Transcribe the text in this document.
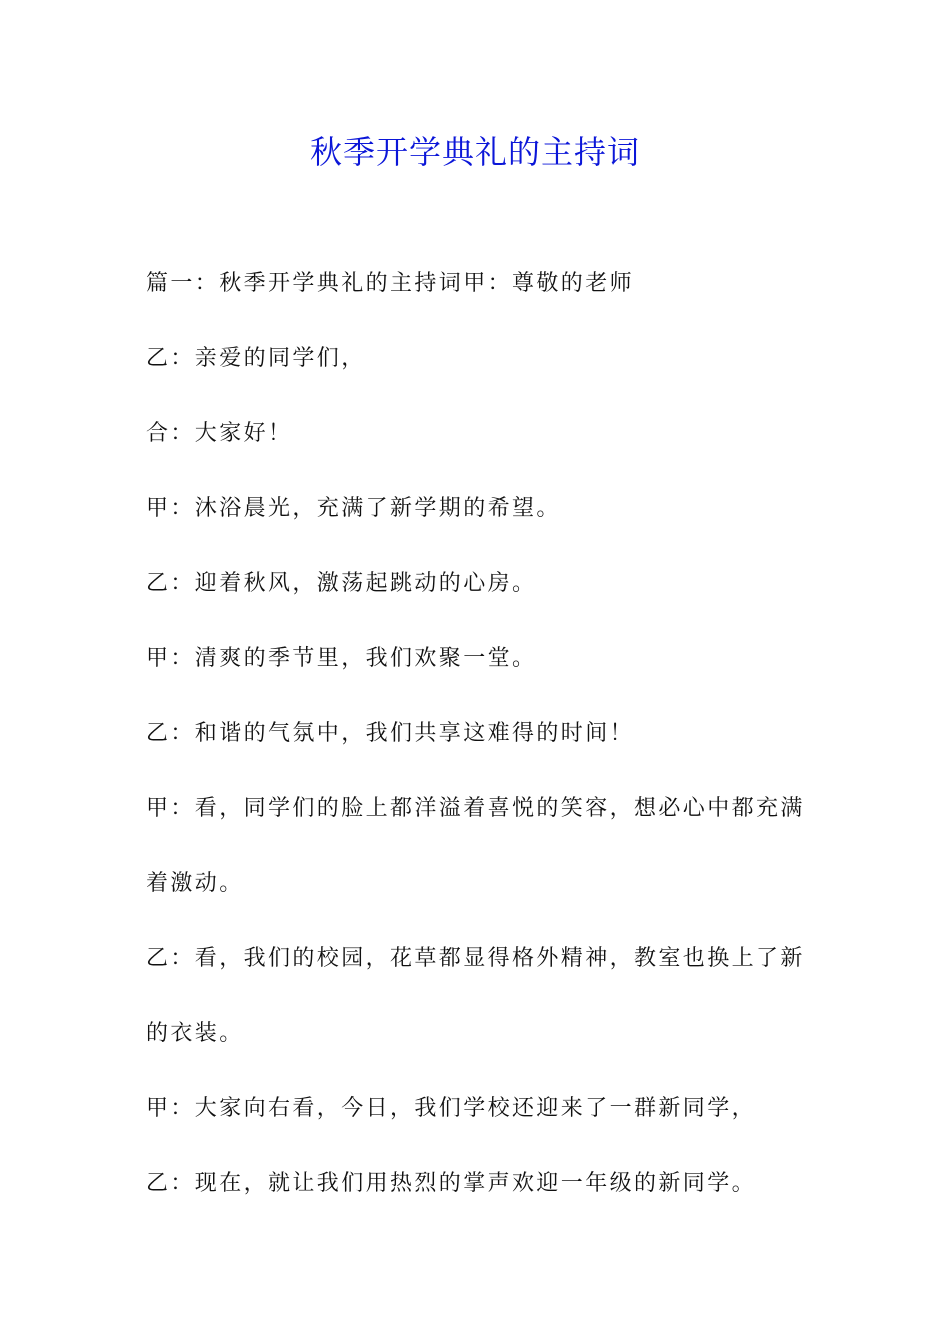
秋季开学典礼的主持词
篇一：秋季开学典礼的主持词甲：尊敬的老师
乙：亲爱的同学们，
合：大家好！
甲：沐浴晨光，充满了新学期的希望。
乙：迎着秋风，激荡起跳动的心房。
甲：清爽的季节里，我们欢聚一堂。
乙：和谐的气氛中，我们共享这难得的时间！
甲：看，同学们的脸上都洋溢着喜悦的笑容，想必心中都充满
着激动。
乙：看，我们的校园，花草都显得格外精神，教室也换上了新
的衣装。
甲：大家向右看，今日，我们学校还迎来了一群新同学，
乙：现在，就让我们用热烈的掌声欢迎一年级的新同学。
